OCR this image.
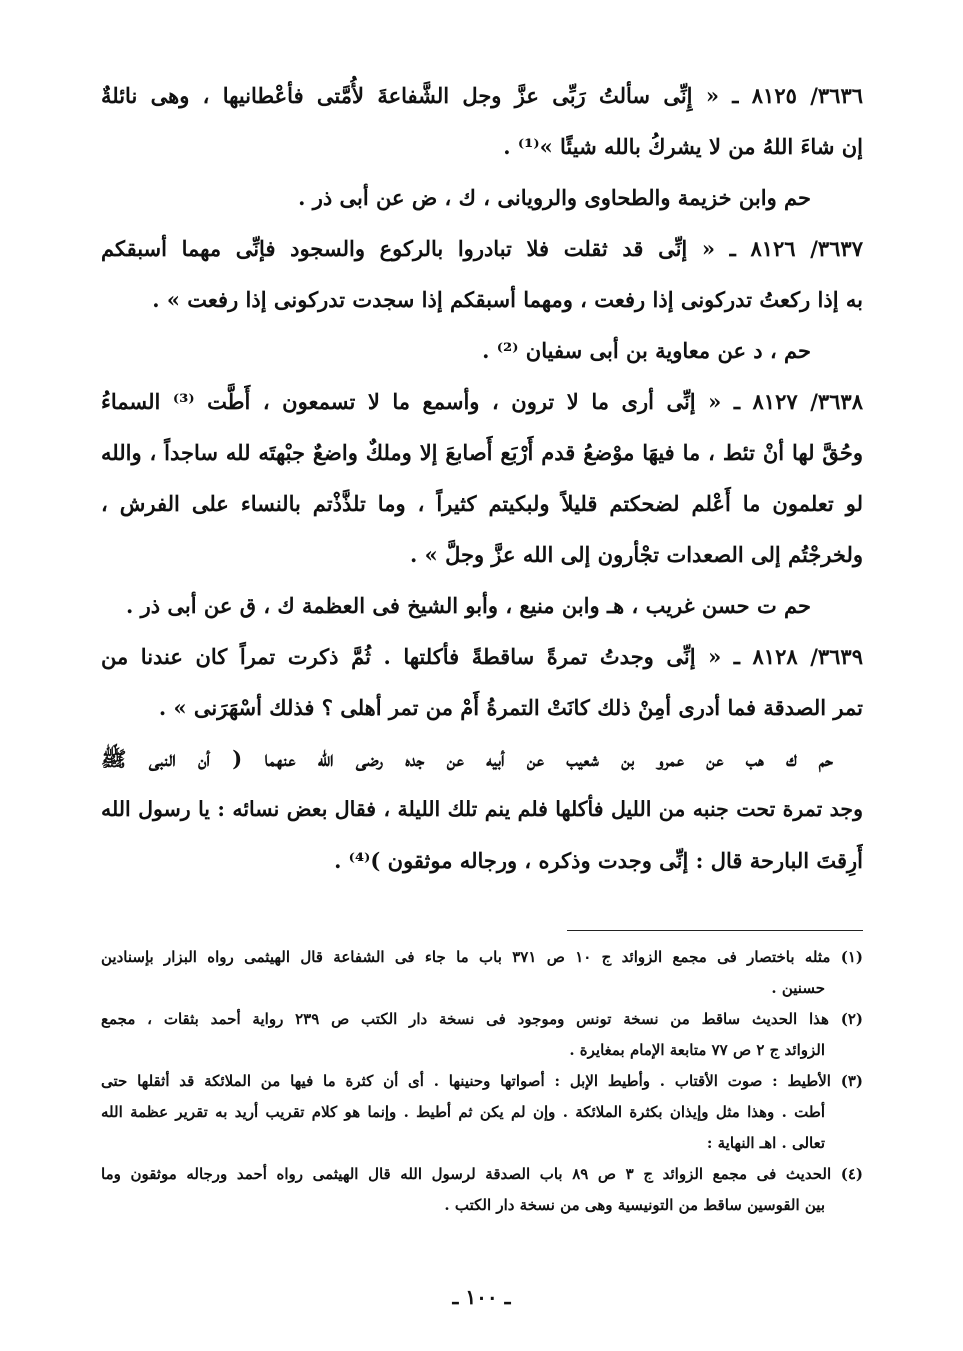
٣٦٣٦/ ٨١٢٥ ـ « إِنِّى سألتُ رَبِّى عزَّ وجل الشَّفاعةَ لأُمَّتى فأعْطانيها ، وهى نائلةٌ
إن شاءَ اللهُ من لا يشركُ بالله شيئًا »⁽¹⁾ .
حم وابن خزيمة والطحاوى والرويانى ، ك ، ض عن أبى ذر .
٣٦٣٧/ ٨١٢٦ ـ « إنِّى قد ثقلت فلا تبادروا بالركوع والسجود فإنِّى مهما أسبقكم
به إذا ركعتُ تدركونى إذا رفعت ، ومهما أسبقكم إذا سجدت تدركونى إذا رفعت » .
حم ، د عن معاوية بن أبى سفيان ⁽²⁾ .
٣٦٣٨/ ٨١٢٧ ـ « إنِّى أرى ما لا ترون ، وأسمع ما لا تسمعون ، أَطَّت ⁽³⁾ السماءُ
وحُقَّ لها أنْ تئط ، ما فيهَا موْضعُ قدم أَرْبَع أَصابعَ إلا وملكٌ واضعٌ جبْهتَه لله ساجداً ، والله
لو تعلمون ما أَعْلم لضحكتم قليلاً ولبكيتم كثيراً ، وما تلذَّذْتم بالنساء على الفرش ،
ولخرجْتُم إلى الصعدات تجْأرون إلى الله عزَّ وجلَّ » .
حم ت حسن غريب ، هـ وابن منيع ، وأبو الشيخ فى العظمة ك ، ق عن أبى ذر .
٣٦٣٩/ ٨١٢٨ ـ « إنِّى وجدتُ تمرةً ساقطةً فأكلتها . ثُمَّ ذكرت تمراً كان عندنا من
تمر الصدقة فما أدرى أمِنْ ذلك كانَتْ التمرةُ أَمْ من تمر أهلى ؟ فذلك أسْهَرَنى » .
حم ك هب عن عمرو بن شعيب عن أبيه عن جده رضى الله عنهما ( أن النبى ﷺ
وجد تمرة تحت جنبه من الليل فأكلها فلم ينم تلك الليلة ، فقال بعض نسائه : يا رسول الله
أَرِقتَ البارحة قال : إنِّى وجدت وذكره ، ورجاله موثقون )⁽⁴⁾ .
(١) مثله باختصار فى مجمع الزوائد ج ١٠ ص ٣٧١ باب ما جاء فى الشفاعة قال الهيثمى رواه البزار بإسنادين
حسنين .
(٢) هذا الحديث ساقط من نسخة تونس وموجود فى نسخة دار الكتب ص ٢٣٩ رواية أحمد بثقات ، مجمع
الزوائد ج ٢ ص ٧٧ متابعة الإمام بمغايرة .
(٣) الأطيط : صوت الأقتاب . وأطيط الإبل : أصواتها وحنينها . أى أن كثرة ما فيها من الملائكة قد أثقلها حتى
أطت . وهذا مثل وإيذان بكثرة الملائكة . وإن لم يكن ثم أطيط . وإنما هو كلام تقريب أريد به تقرير عظمة الله
تعالى . اهـ النهاية :
(٤) الحديث فى مجمع الزوائد ج ٣ ص ٨٩ باب الصدقة لرسول الله قال الهيثمى رواه أحمد ورجاله موثقون وما
بين القوسين ساقط من التونيسية وهى من نسخة دار الكتب .
ـ ١٠٠ ـ
